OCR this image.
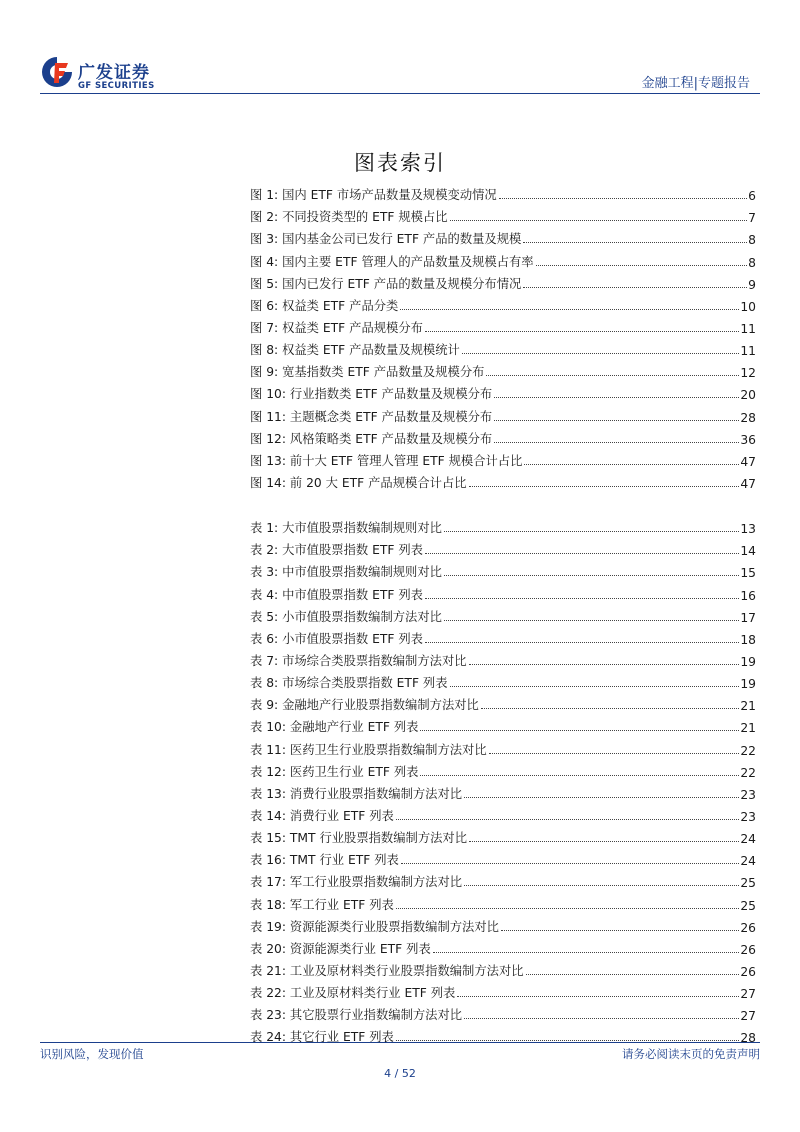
广发证券
GF SECURITIES	金融工程|专题报告
图表索引
图 1: 国内 ETF 市场产品数量及规模变动情况	6
图 2: 不同投资类型的 ETF 规模占比	7
图 3: 国内基金公司已发行 ETF 产品的数量及规模	8
图 4: 国内主要 ETF 管理人的产品数量及规模占有率	8
图 5: 国内已发行 ETF 产品的数量及规模分布情况	9
图 6: 权益类 ETF 产品分类	10
图 7: 权益类 ETF 产品规模分布	11
图 8: 权益类 ETF 产品数量及规模统计	11
图 9: 宽基指数类 ETF 产品数量及规模分布	12
图 10: 行业指数类 ETF 产品数量及规模分布	20
图 11: 主题概念类 ETF 产品数量及规模分布	28
图 12: 风格策略类 ETF 产品数量及规模分布	36
图 13: 前十大 ETF 管理人管理 ETF 规模合计占比	47
图 14: 前 20 大 ETF 产品规模合计占比	47
表 1: 大市值股票指数编制规则对比	13
表 2: 大市值股票指数 ETF 列表	14
表 3: 中市值股票指数编制规则对比	15
表 4: 中市值股票指数 ETF 列表	16
表 5: 小市值股票指数编制方法对比	17
表 6: 小市值股票指数 ETF 列表	18
表 7: 市场综合类股票指数编制方法对比	19
表 8: 市场综合类股票指数 ETF 列表	19
表 9: 金融地产行业股票指数编制方法对比	21
表 10: 金融地产行业 ETF 列表	21
表 11: 医药卫生行业股票指数编制方法对比	22
表 12: 医药卫生行业 ETF 列表	22
表 13: 消费行业股票指数编制方法对比	23
表 14: 消费行业 ETF 列表	23
表 15: TMT 行业股票指数编制方法对比	24
表 16: TMT 行业 ETF 列表	24
表 17: 军工行业股票指数编制方法对比	25
表 18: 军工行业 ETF 列表	25
表 19: 资源能源类行业股票指数编制方法对比	26
表 20: 资源能源类行业 ETF 列表	26
表 21: 工业及原材料类行业股票指数编制方法对比	26
表 22: 工业及原材料类行业 ETF 列表	27
表 23: 其它股票行业指数编制方法对比	27
表 24: 其它行业 ETF 列表	28
识别风险，发现价值	请务必阅读末页的免责声明
4 / 52
